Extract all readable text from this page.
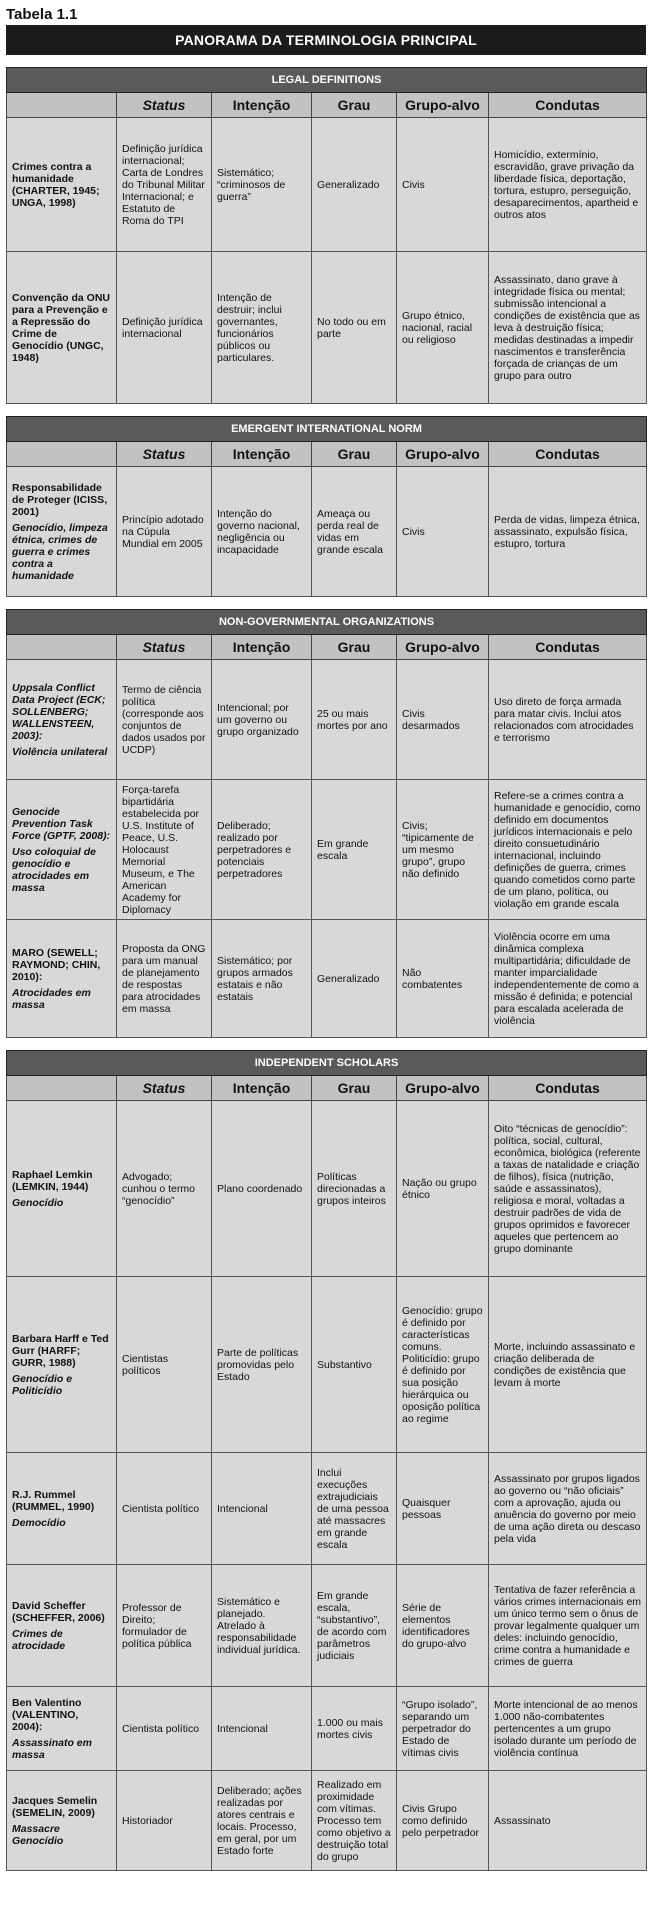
Tabela 1.1
PANORAMA DA TERMINOLOGIA PRINCIPAL
LEGAL DEFINITIONS					
	Status	Intenção	Grau	Grupo-alvo	Condutas

Crimes contra a humanidade (CHARTER, 1945; UNGA, 1998)	Definição jurídica internacional; Carta de Londres do Tribunal Militar Internacional; e Estatuto de Roma do TPI	Sistemático; “criminosos de guerra”	Generalizado	Civis	Homicídio, extermínio, escravidão, grave privação da liberdade física, deportação, tortura, estupro, perseguição, desaparecimentos, apartheid e outros atos

Convenção da ONU para a Prevenção e a Repressão do Crime de Genocídio (UNGC, 1948)	Definição jurídica internacional	Intenção de destruir; inclui governantes, funcionários públicos ou particulares.	No todo ou em parte	Grupo étnico, nacional, racial ou religioso	Assassinato, dano grave à integridade física ou mental; submissão intencional a condições de existência que as leva à destruição física; medidas destinadas a impedir nascimentos e transferência forçada de crianças de um grupo para outro
EMERGENT INTERNATIONAL NORM					
	Status	Intenção	Grau	Grupo-alvo	Condutas

Responsabilidade de Proteger (ICISS, 2001)
Genocídio, limpeza étnica, crimes de guerra e crimes contra a humanidade	Princípio adotado na Cúpula Mundial em 2005	Intenção do governo nacional, negligência ou incapacidade	Ameaça ou perda real de vidas em grande escala	Civis	Perda de vidas, limpeza étnica, assassinato, expulsão física, estupro, tortura
NON-GOVERNMENTAL ORGANIZATIONS					
	Status	Intenção	Grau	Grupo-alvo	Condutas

Uppsala Conflict Data Project (ECK; SOLLENBERG; WALLENSTEEN, 2003):
Violência unilateral	Termo de ciência política (corresponde aos conjuntos de dados usados por UCDP)	Intencional; por um governo ou grupo organizado	25 ou mais mortes por ano	Civis desarmados	Uso direto de força armada para matar civis. Inclui atos relacionados com atrocidades e terrorismo

Genocide Prevention Task Force (GPTF, 2008):
Uso coloquial de genocídio e atrocidades em massa	Força-tarefa bipartidária estabelecida por U.S. Institute of Peace, U.S. Holocaust Memorial Museum, e The American Academy for Diplomacy	Deliberado; realizado por perpetradores e potenciais perpetradores	Em grande escala	Civis; “tipicamente de um mesmo grupo”, grupo não definido	Refere-se a crimes contra a humanidade e genocídio, como definido em documentos jurídicos internacionais e pelo direito consuetudinário internacional, incluindo definições de guerra, crimes quando cometidos como parte de um plano, política, ou violação em grande escala

MARO (SEWELL; RAYMOND; CHIN, 2010):
Atrocidades em massa	Proposta da ONG para um manual de planejamento de respostas para atrocidades em massa	Sistemático; por grupos armados estatais e não estatais	Generalizado	Não combatentes	Violência ocorre em uma dinâmica complexa multipartidária; dificuldade de manter imparcialidade independentemente de como a missão é definida; e potencial para escalada acelerada de violência
INDEPENDENT SCHOLARS					
	Status	Intenção	Grau	Grupo-alvo	Condutas

Raphael Lemkin (LEMKIN, 1944)
Genocídio	Advogado; cunhou o termo “genocídio”	Plano coordenado	Políticas direcionadas a grupos inteiros	Nação ou grupo étnico	Oito “técnicas de genocídio”: política, social, cultural, econômica, biológica (referente a taxas de natalidade e criação de filhos), física (nutrição, saúde e assassinatos), religiosa e moral, voltadas a destruir padrões de vida de grupos oprimidos e favorecer aqueles que pertencem ao grupo dominante

Barbara Harff e Ted Gurr (HARFF; GURR, 1988)
Genocídio e Politicídio	Cientistas políticos	Parte de políticas promovidas pelo Estado	Substantivo	Genocídio: grupo é definido por características comuns. Politicídio: grupo é definido por sua posição hierárquica ou oposição política ao regime	Morte, incluindo assassinato e criação deliberada de condições de existência que levam à morte

R.J. Rummel (RUMMEL, 1990)
Democídio	Cientista político	Intencional	Inclui execuções extrajudiciais de uma pessoa até massacres em grande escala	Quaisquer pessoas	Assassinato por grupos ligados ao governo ou “não oficiais” com a aprovação, ajuda ou anuência do governo por meio de uma ação direta ou descaso pela vida

David Scheffer (SCHEFFER, 2006)
Crimes de atrocidade	Professor de Direito; formulador de política pública	Sistemático e planejado. Atrelado à responsabilidade individual jurídica.	Em grande escala, “substantivo”, de acordo com parâmetros judiciais	Série de elementos identificadores do grupo-alvo	Tentativa de fazer referência a vários crimes internacionais em um único termo sem o ônus de provar legalmente qualquer um deles: incluindo genocídio, crime contra a humanidade e crimes de guerra

Ben Valentino (VALENTINO, 2004):
Assassinato em massa	Cientista político	Intencional	1.000 ou mais mortes civis	“Grupo isolado”, separando um perpetrador do Estado de vítimas civis	Morte intencional de ao menos 1.000 não-combatentes pertencentes a um grupo isolado durante um período de violência contínua

Jacques Semelin (SEMELIN, 2009)
Massacre Genocídio	Historiador	Deliberado; ações realizadas por atores centrais e locais. Processo, em geral, por um Estado forte	Realizado em proximidade com vítimas. Processo tem como objetivo a destruição total do grupo	Civis Grupo como definido pelo perpetrador	Assassinato
